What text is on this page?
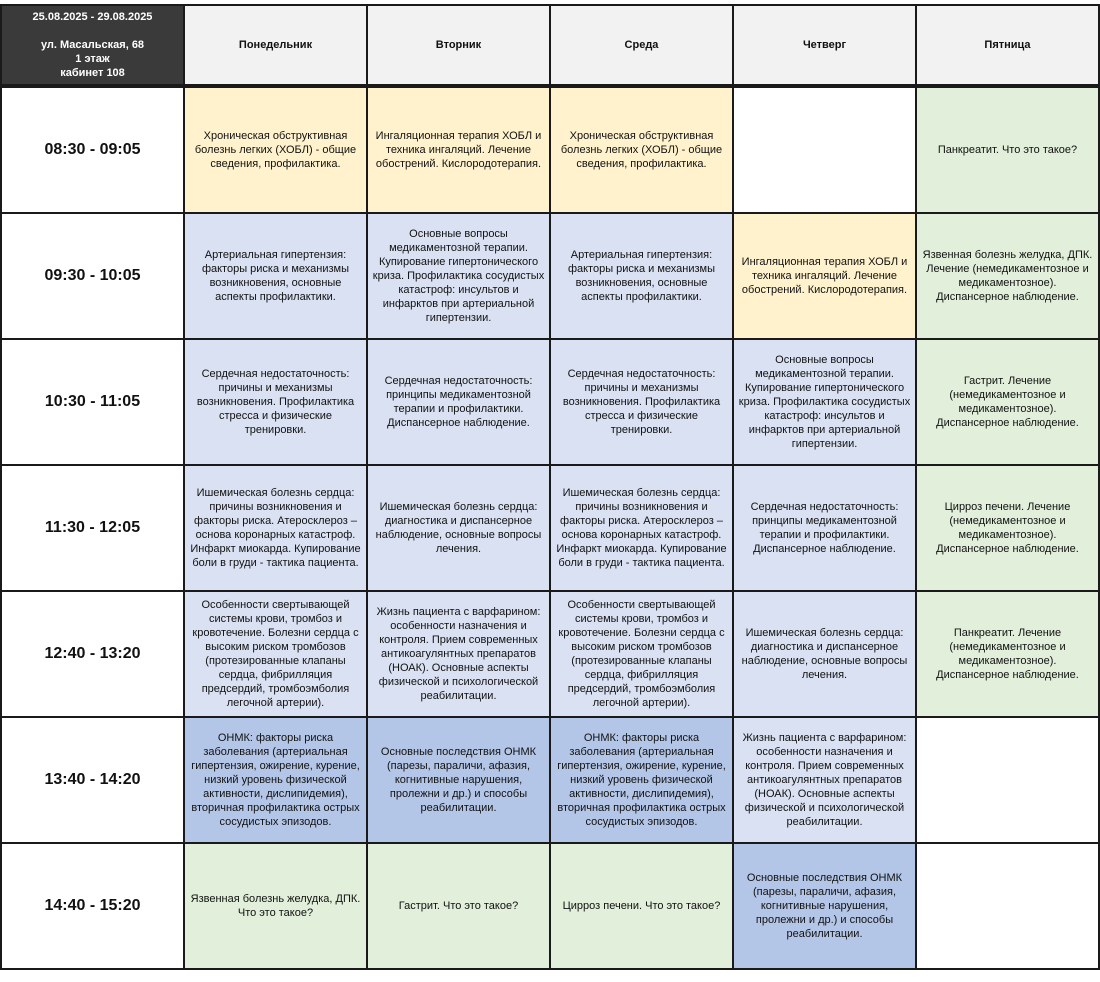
25.08.2025 - 29.08.2025
ул. Масальская, 68
1 этаж
кабинет 108	Понедельник	Вторник	Среда	Четверг	Пятница

08:30 - 09:05	Хроническая обструктивная болезнь легких (ХОБЛ) - общие сведения, профилактика.	Ингаляционная терапия ХОБЛ и техника ингаляций. Лечение обострений. Кислородотерапия.	Хроническая обструктивная болезнь легких (ХОБЛ) - общие сведения, профилактика.		Панкреатит. Что это такое?
09:30 - 10:05	Артериальная гипертензия: факторы риска и механизмы возникновения, основные аспекты профилактики.	Основные вопросы медикаментозной терапии. Купирование гипертонического криза. Профилактика сосудистых катастроф: инсультов и инфарктов при артериальной гипертензии.	Артериальная гипертензия: факторы риска и механизмы возникновения, основные аспекты профилактики.	Ингаляционная терапия ХОБЛ и техника ингаляций. Лечение обострений. Кислородотерапия.	Язвенная болезнь желудка, ДПК. Лечение (немедикаментозное и медикаментозное). Диспансерное наблюдение.
10:30 - 11:05	Сердечная недостаточность: причины и механизмы возникновения. Профилактика стресса и физические тренировки.	Сердечная недостаточность: принципы медикаментозной терапии и профилактики. Диспансерное наблюдение.	Сердечная недостаточность: причины и механизмы возникновения. Профилактика стресса и физические тренировки.	Основные вопросы медикаментозной терапии. Купирование гипертонического криза. Профилактика сосудистых катастроф: инсультов и инфарктов при артериальной гипертензии.	Гастрит. Лечение (немедикаментозное и медикаментозное). Диспансерное наблюдение.
11:30 - 12:05	Ишемическая болезнь сердца: причины возникновения и факторы риска. Атеросклероз – основа коронарных катастроф. Инфаркт миокарда. Купирование боли в груди - тактика пациента.	Ишемическая болезнь сердца: диагностика и диспансерное наблюдение, основные вопросы лечения.	Ишемическая болезнь сердца: причины возникновения и факторы риска. Атеросклероз – основа коронарных катастроф. Инфаркт миокарда. Купирование боли в груди - тактика пациента.	Сердечная недостаточность: принципы медикаментозной терапии и профилактики. Диспансерное наблюдение.	Цирроз печени. Лечение (немедикаментозное и медикаментозное). Диспансерное наблюдение.
12:40 - 13:20	Особенности свертывающей системы крови, тромбоз и кровотечение. Болезни сердца с высоким риском тромбозов (протезированные клапаны сердца, фибрилляция предсердий, тромбоэмболия легочной артерии).	Жизнь пациента с варфарином: особенности назначения и контроля. Прием современных антикоагулянтных препаратов (НОАК). Основные аспекты физической и психологической реабилитации.	Особенности свертывающей системы крови, тромбоз и кровотечение. Болезни сердца с высоким риском тромбозов (протезированные клапаны сердца, фибрилляция предсердий, тромбоэмболия легочной артерии).	Ишемическая болезнь сердца: диагностика и диспансерное наблюдение, основные вопросы лечения.	Панкреатит. Лечение (немедикаментозное и медикаментозное). Диспансерное наблюдение.
13:40 - 14:20	ОНМК: факторы риска заболевания (артериальная гипертензия, ожирение, курение, низкий уровень физической активности, дислипидемия), вторичная профилактика острых сосудистых эпизодов.	Основные последствия ОНМК (парезы, параличи, афазия, когнитивные нарушения, пролежни и др.) и способы реабилитации.	ОНМК: факторы риска заболевания (артериальная гипертензия, ожирение, курение, низкий уровень физической активности, дислипидемия), вторичная профилактика острых сосудистых эпизодов.	Жизнь пациента с варфарином: особенности назначения и контроля. Прием современных антикоагулянтных препаратов (НОАК). Основные аспекты физической и психологической реабилитации.	
14:40 - 15:20	Язвенная болезнь желудка, ДПК. Что это такое?	Гастрит. Что это такое?	Цирроз печени. Что это такое?	Основные последствия ОНМК (парезы, параличи, афазия, когнитивные нарушения, пролежни и др.) и способы реабилитации.	
